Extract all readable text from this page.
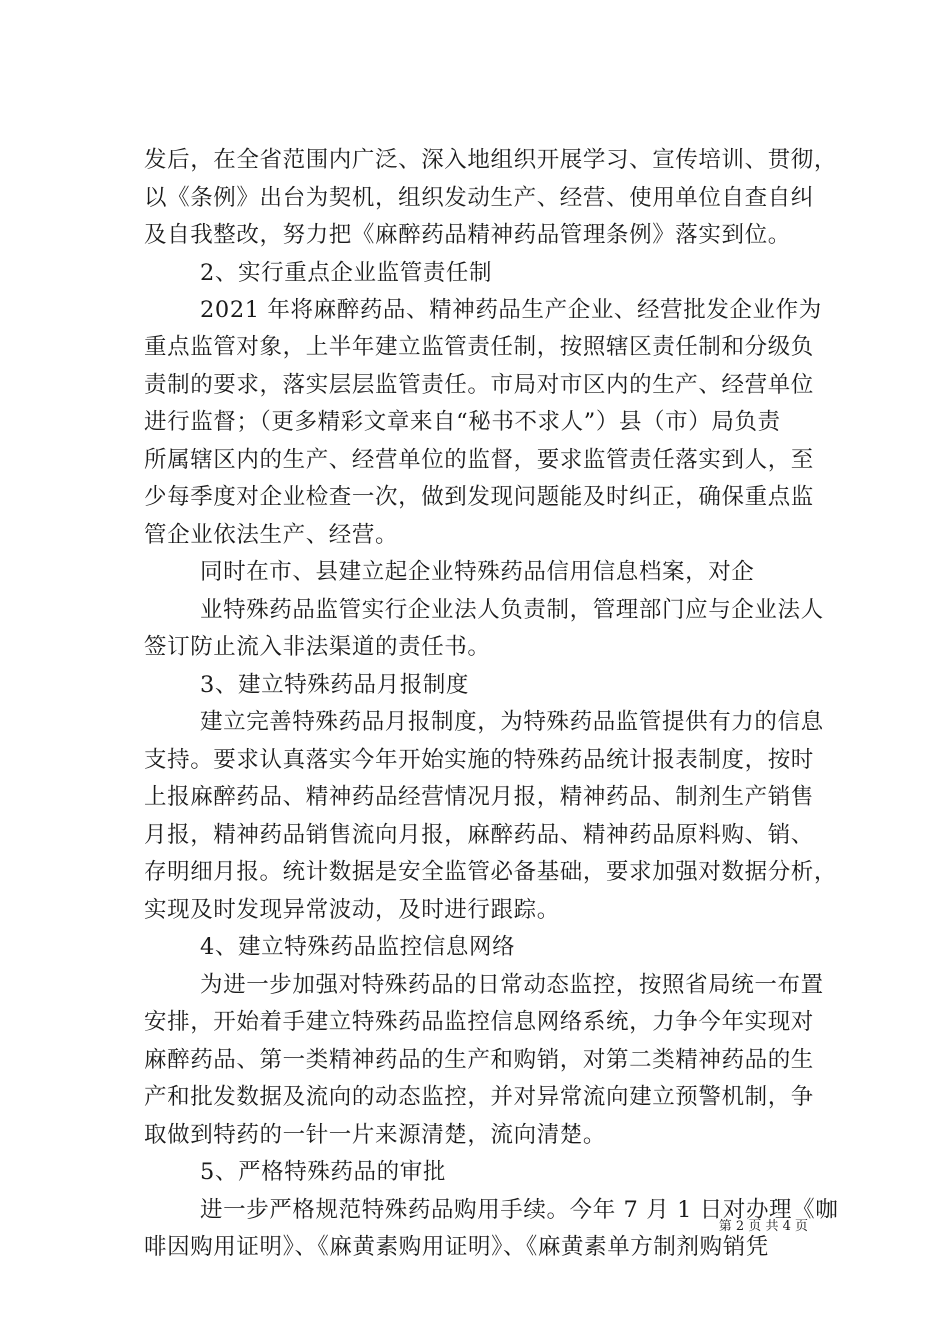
发后，在全省范围内广泛、深入地组织开展学习、宣传培训、贯彻，
以《条例》出台为契机，组织发动生产、经营、使用单位自查自纠
及自我整改，努力把《麻醉药品精神药品管理条例》落实到位。
2、实行重点企业监管责任制
2021 年将麻醉药品、精神药品生产企业、经营批发企业作为
重点监管对象，上半年建立监管责任制，按照辖区责任制和分级负
责制的要求，落实层层监管责任。市局对市区内的生产、经营单位
进行监督；（更多精彩文章来自“秘书不求人”）县（市）局负责
所属辖区内的生产、经营单位的监督，要求监管责任落实到人，至
少每季度对企业检查一次，做到发现问题能及时纠正，确保重点监
管企业依法生产、经营。
同时在市、县建立起企业特殊药品信用信息档案，对企
业特殊药品监管实行企业法人负责制，管理部门应与企业法人
签订防止流入非法渠道的责任书。
3、建立特殊药品月报制度
建立完善特殊药品月报制度，为特殊药品监管提供有力的信息
支持。要求认真落实今年开始实施的特殊药品统计报表制度，按时
上报麻醉药品、精神药品经营情况月报，精神药品、制剂生产销售
月报，精神药品销售流向月报，麻醉药品、精神药品原料购、销、
存明细月报。统计数据是安全监管必备基础，要求加强对数据分析，
实现及时发现异常波动，及时进行跟踪。
4、建立特殊药品监控信息网络
为进一步加强对特殊药品的日常动态监控，按照省局统一布置
安排，开始着手建立特殊药品监控信息网络系统，力争今年实现对
麻醉药品、第一类精神药品的生产和购销，对第二类精神药品的生
产和批发数据及流向的动态监控，并对异常流向建立预警机制，争
取做到特药的一针一片来源清楚，流向清楚。
5、严格特殊药品的审批
进一步严格规范特殊药品购用手续。今年 7 月 1 日对办理《咖
啡因购用证明》、《麻黄素购用证明》、《麻黄素单方制剂购销凭
第 2 页 共 4 页
